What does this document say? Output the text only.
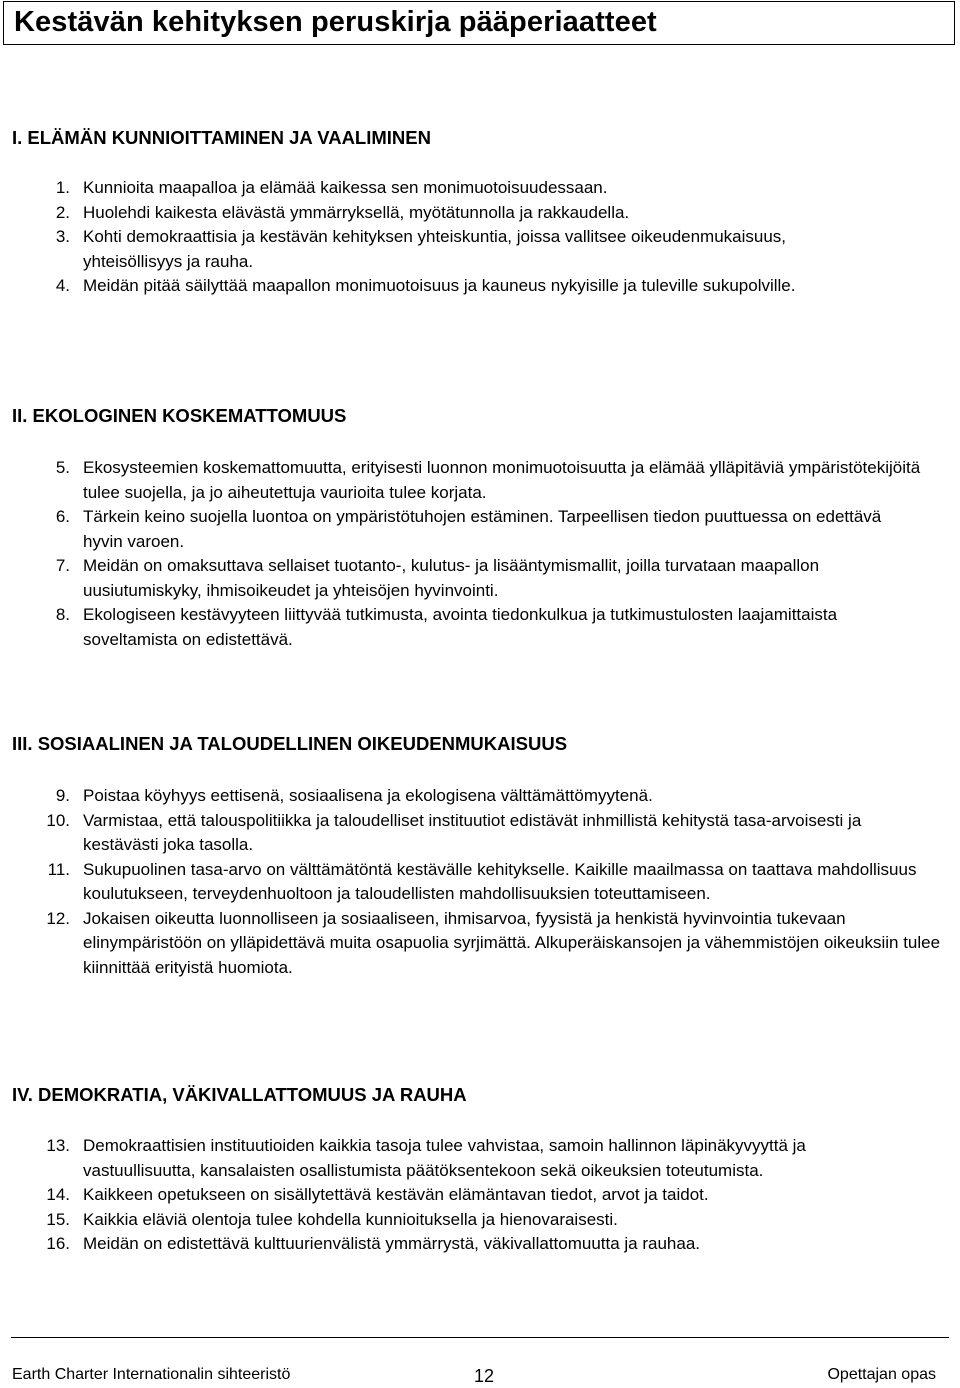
Kestävän kehityksen peruskirja pääperiaatteet
I. ELÄMÄN KUNNIOITTAMINEN JA VAALIMINEN
1. Kunnioita maapalloa ja elämää kaikessa sen monimuotoisuudessaan.
2. Huolehdi kaikesta elävästä ymmärryksellä, myötätunnolla ja rakkaudella.
3. Kohti demokraattisia ja kestävän kehityksen yhteiskuntia, joissa vallitsee oikeudenmukaisuus, yhteisöllisyys ja rauha.
4. Meidän pitää säilyttää maapallon monimuotoisuus ja kauneus nykyisille ja tuleville sukupolville.
II. EKOLOGINEN KOSKEMATTOMUUS
5. Ekosysteemien koskemattomuutta, erityisesti luonnon monimuotoisuutta ja elämää ylläpitäviä ympäristötekijöitä tulee suojella, ja jo aiheutettuja vaurioita tulee korjata.
6. Tärkein keino suojella luontoa on ympäristötuhojen estäminen. Tarpeellisen tiedon puuttuessa on edettävä hyvin varoen.
7. Meidän on omaksuttava sellaiset tuotanto-, kulutus- ja lisääntymismallit, joilla turvataan maapallon uusiutumiskyky, ihmisoikeudet ja yhteisöjen hyvinvointi.
8. Ekologiseen kestävyyteen liittyvää tutkimusta, avointa tiedonkulkua ja tutkimustulosten laajamittaista soveltamista on edistettävä.
III. SOSIAALINEN JA TALOUDELLINEN OIKEUDENMUKAISUUS
9. Poistaa köyhyys eettisenä, sosiaalisena ja ekologisena välttämättömyytenä.
10. Varmistaa, että talouspolitiikka ja taloudelliset instituutiot edistävät inhmillistä kehitystä tasa-arvoisesti ja kestävästi joka tasolla.
11. Sukupuolinen tasa-arvo on välttämätöntä kestävälle kehitykselle. Kaikille maailmassa on taattava mahdollisuus koulutukseen, terveydenhuoltoon ja taloudellisten mahdollisuuksien toteuttamiseen.
12. Jokaisen oikeutta luonnolliseen ja sosiaaliseen, ihmisarvoa, fyysistä ja henkistä hyvinvointia tukevaan elinympäristöön on ylläpidettävä muita osapuolia syrjimättä. Alkuperäiskansojen ja vähemmistöjen oikeuksiin tulee kiinnittää erityistä huomiota.
IV. DEMOKRATIA, VÄKIVALLATTOMUUS JA RAUHA
13. Demokraattisien instituutioiden kaikkia tasoja tulee vahvistaa, samoin hallinnon läpinäkyvyyttä ja vastuullisuutta, kansalaisten osallistumista päätöksentekoon sekä oikeuksien toteutumista.
14. Kaikkeen opetukseen on sisällytettävä kestävän elämäntavan tiedot, arvot ja taidot.
15. Kaikkia eläviä olentoja tulee kohdella kunnioituksella ja hienovaraisesti.
16. Meidän on edistettävä kulttuurienvälistä ymmärrystä, väkivallattomuutta ja rauhaa.
Earth Charter Internationalin sihteeristö	12	Opettajan opas
